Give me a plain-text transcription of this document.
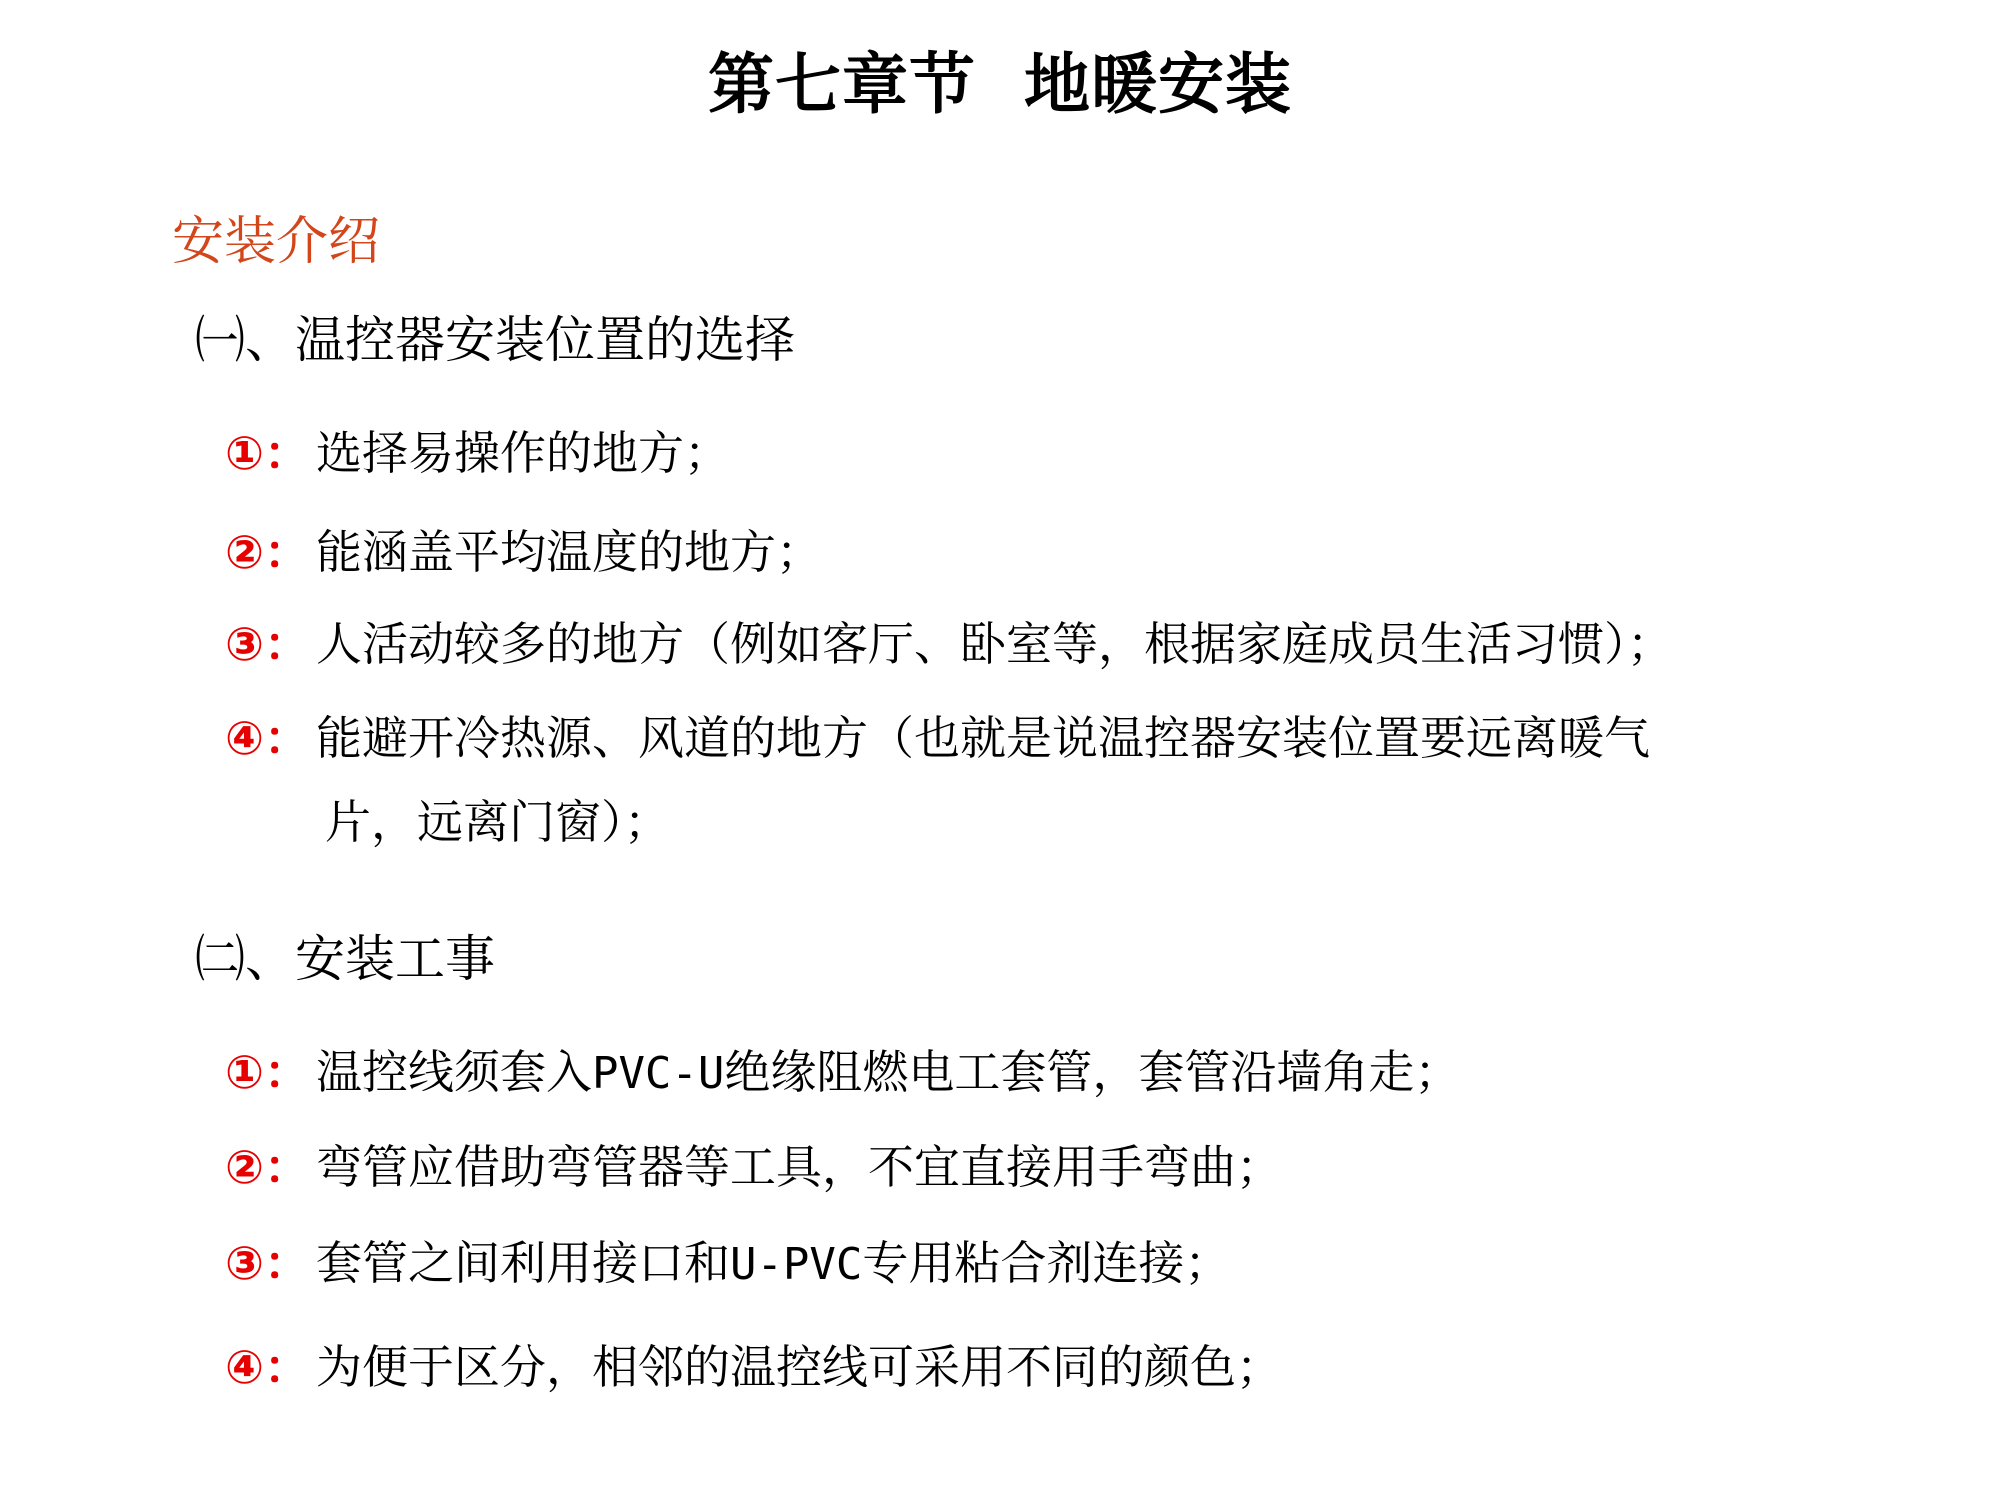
第七章节  地暖安装
安装介绍
㈠、温控器安装位置的选择
①： 选择易操作的地方；
②： 能涵盖平均温度的地方；
③： 人活动较多的地方（例如客厅、卧室等，根据家庭成员生活习惯）；
④： 能避开冷热源、风道的地方（也就是说温控器安装位置要远离暖气
片，远离门窗）；
㈡、安装工事
①： 温控线须套入PVC-U绝缘阻燃电工套管，套管沿墙角走；
②： 弯管应借助弯管器等工具，不宜直接用手弯曲；
③： 套管之间利用接口和U-PVC专用粘合剂连接；
④： 为便于区分，相邻的温控线可采用不同的颜色；
